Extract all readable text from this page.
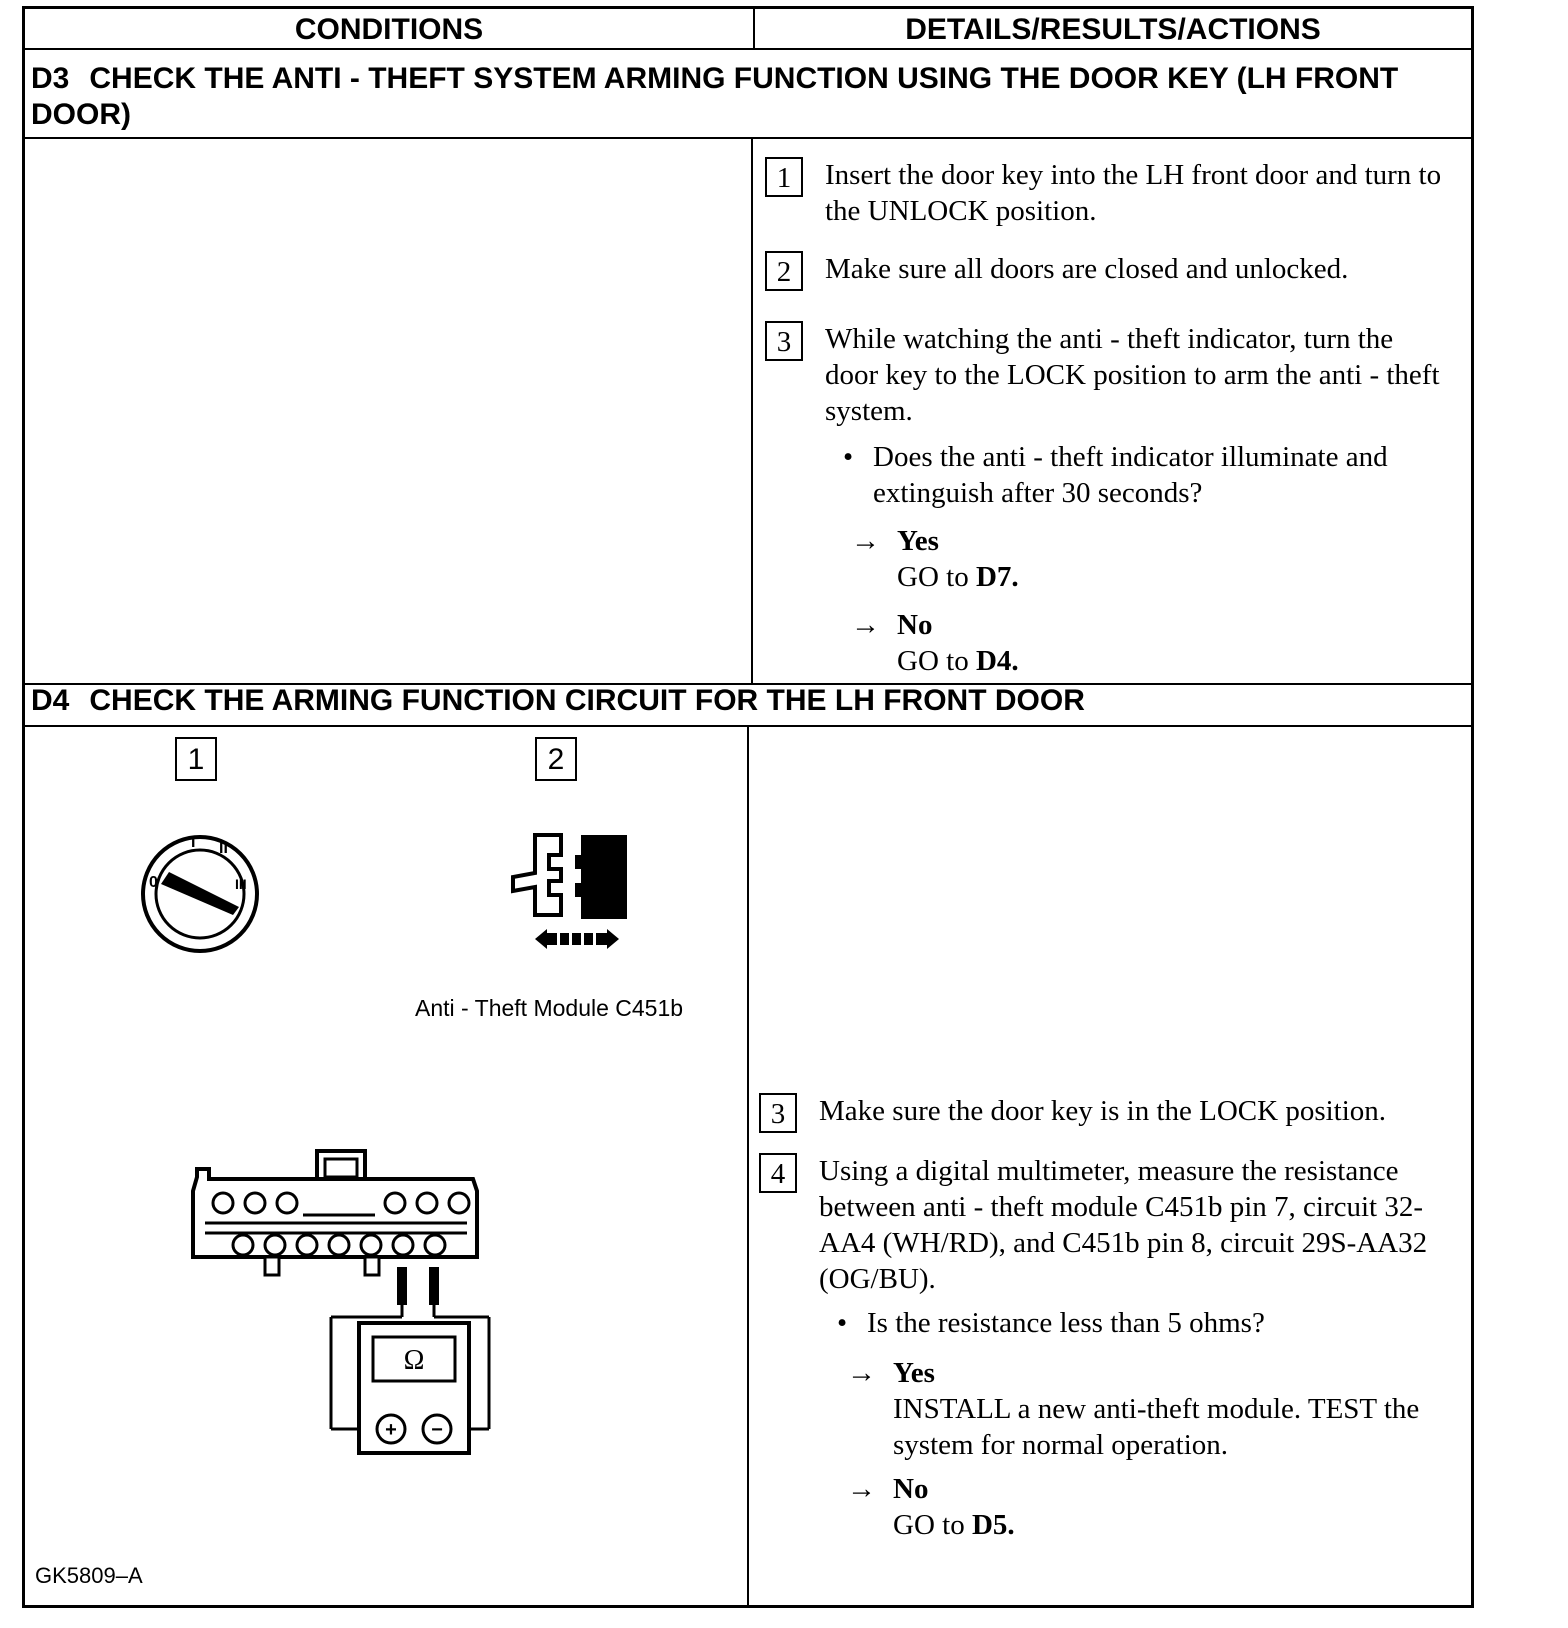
CONDITIONS	DETAILS/RESULTS/ACTIONS
D3 CHECK THE ANTI - THEFT SYSTEM ARMING FUNCTION USING THE DOOR KEY (LH FRONT DOOR)
1	Insert the door key into the LH front door and turn to the UNLOCK position.
2	Make sure all doors are closed and unlocked.
3	While watching the anti - theft indicator, turn the door key to the LOCK position to arm the anti - theft system.
• Does the anti - theft indicator illuminate and extinguish after 30 seconds?
→ Yes
GO to D7.
→ No
GO to D4.
D4 CHECK THE ARMING FUNCTION CIRCUIT FOR THE LH FRONT DOOR
1	2
0
I II
III
Anti - Theft Module C451b
Ω
+ −
GK5809–A
3	Make sure the door key is in the LOCK position.
4	Using a digital multimeter, measure the resistance between anti - theft module C451b pin 7, circuit 32-AA4 (WH/RD), and C451b pin 8, circuit 29S-AA32 (OG/BU).
• Is the resistance less than 5 ohms?
→ Yes
INSTALL a new anti-theft module. TEST the system for normal operation.
→ No
GO to D5.
